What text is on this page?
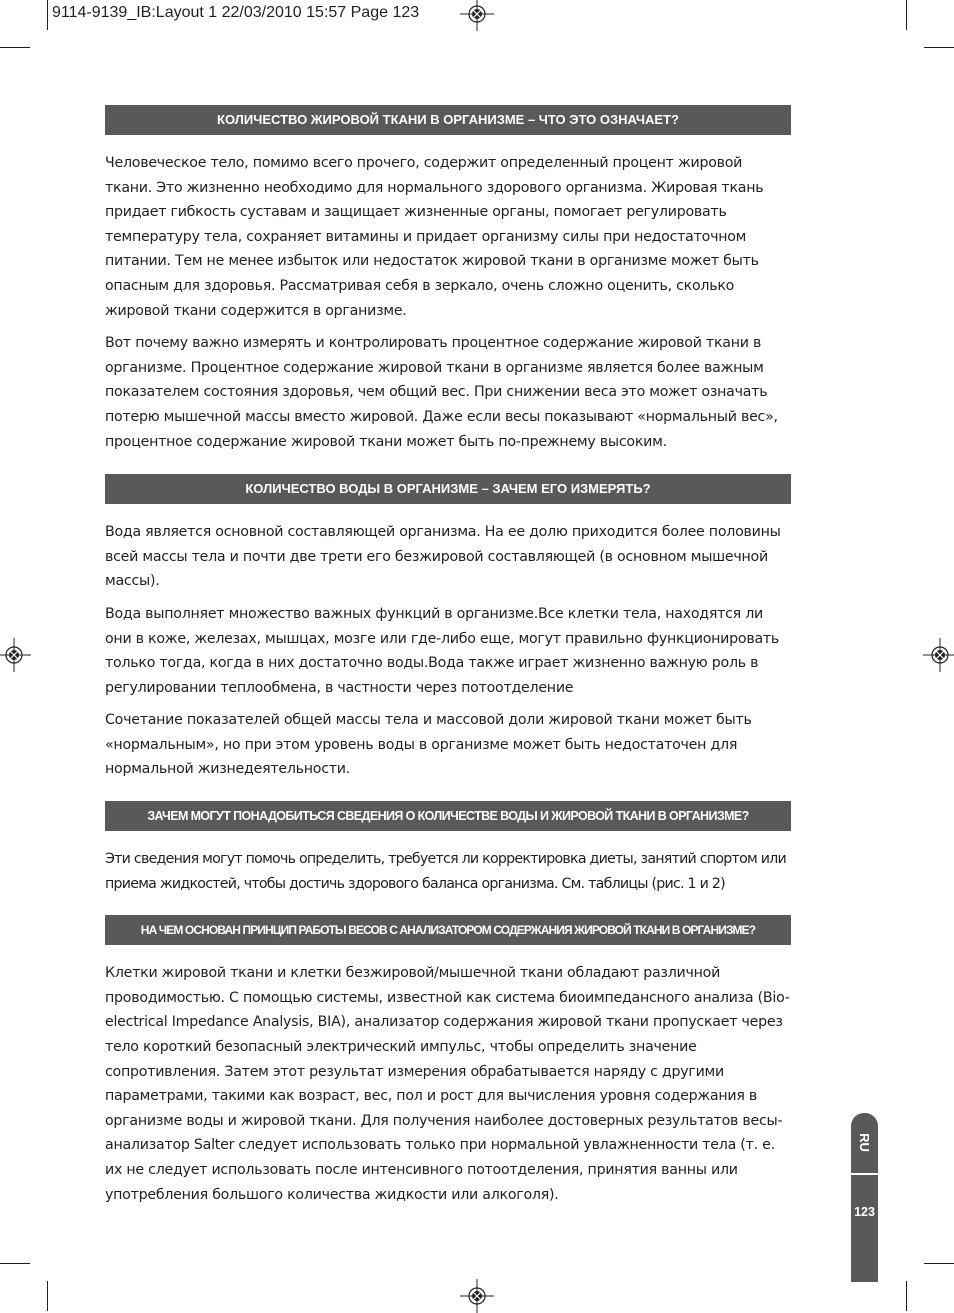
9114-9139_IB:Layout 1 22/03/2010 15:57 Page 123
КОЛИЧЕСТВО ЖИРОВОЙ ТКАНИ В ОРГАНИЗМЕ – ЧТО ЭТО ОЗНАЧАЕТ?

Человеческое тело, помимо всего прочего, содержит определенный процент жировой ткани. Это жизненно необходимо для нормального здорового организма. Жировая ткань придает гибкость суставам и защищает жизненные органы, помогает регулировать температуру тела, сохраняет витамины и придает организму силы при недостаточном питании. Тем не менее избыток или недостаток жировой ткани в организме может быть опасным для здоровья. Рассматривая себя в зеркало, очень сложно оценить, сколько жировой ткани содержится в организме.

Вот почему важно измерять и контролировать процентное содержание жировой ткани в организме. Процентное содержание жировой ткани в организме является более важным показателем состояния здоровья, чем общий вес. При снижении веса это может означать потерю мышечной массы вместо жировой. Даже если весы показывают «нормальный вес», процентное содержание жировой ткани может быть по-прежнему высоким.

КОЛИЧЕСТВО ВОДЫ В ОРГАНИЗМЕ – ЗАЧЕМ ЕГО ИЗМЕРЯТЬ?

Вода является основной составляющей организма. На ее долю приходится более половины всей массы тела и почти две трети его безжировой составляющей (в основном мышечной массы).

Вода выполняет множество важных функций в организме.Все клетки тела, находятся ли они в коже, железах, мышцах, мозге или где-либо еще, могут правильно функционировать только тогда, когда в них достаточно воды.Вода также играет жизненно важную роль в регулировании теплообмена, в частности через потоотделение

Сочетание показателей общей массы тела и массовой доли жировой ткани может быть «нормальным», но при этом уровень воды в организме может быть недостаточен для нормальной жизнедеятельности.

ЗАЧЕМ МОГУТ ПОНАДОБИТЬСЯ СВЕДЕНИЯ О КОЛИЧЕСТВЕ ВОДЫ И ЖИРОВОЙ ТКАНИ В ОРГАНИЗМЕ?

Эти сведения могут помочь определить, требуется ли корректировка диеты, занятий спортом или приема жидкостей, чтобы достичь здорового баланса организма. См. таблицы (рис. 1 и 2)

НА ЧЕМ ОСНОВАН ПРИНЦИП РАБОТЫ ВЕСОВ С АНАЛИЗАТОРОМ СОДЕРЖАНИЯ ЖИРОВОЙ ТКАНИ В ОРГАНИЗМЕ?

Клетки жировой ткани и клетки безжировой/мышечной ткани обладают различной проводимостью. С помощью системы, известной как система биоимпедансного анализа (Bio-electrical Impedance Analysis, BIA), анализатор содержания жировой ткани пропускает через тело короткий безопасный электрический импульс, чтобы определить значение сопротивления. Затем этот результат измерения обрабатывается наряду с другими параметрами, такими как возраст, вес, пол и рост для вычисления уровня содержания в организме воды и жировой ткани. Для получения наиболее достоверных результатов весы-анализатор Salter следует использовать только при нормальной увлажненности тела (т. е. их не следует использовать после интенсивного потоотделения, принятия ванны или употребления большого количества жидкости или алкоголя).

RU
123
